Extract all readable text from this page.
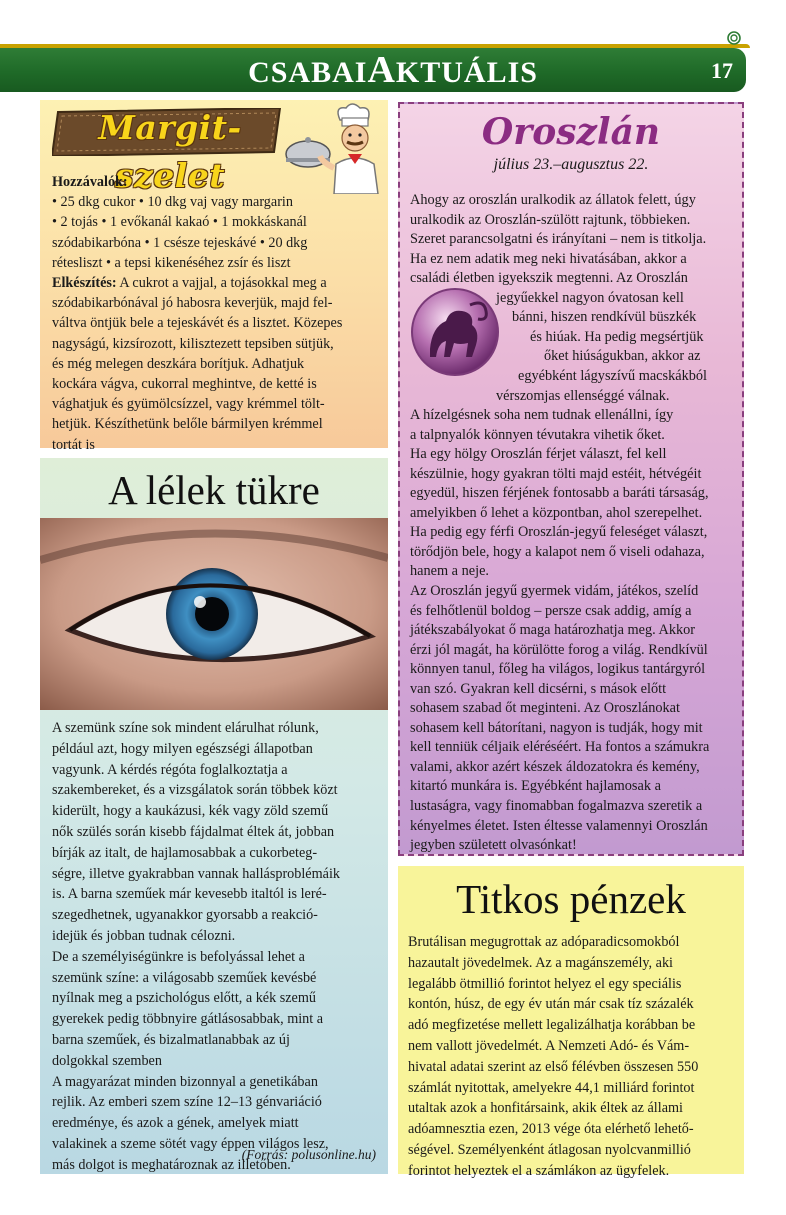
CSABAIAKTUÁLIS	17
Margit-szelet
Hozzávalók:
• 25 dkg cukor • 10 dkg vaj vagy margarin
• 2 tojás • 1 evőkanál kakaó • 1 mokkáskanál
szódabikarbóna • 1 csésze tejeskávé • 20 dkg
rétesliszt • a tepsi kikenéséhez zsír és liszt
Elkészítés: A cukrot a vajjal, a tojásokkal meg a
szódabikarbónával jó habosra keverjük, majd fel-
váltva öntjük bele a tejeskávét és a lisztet. Közepes
nagyságú, kizsírozott, kilisztezett tepsiben sütjük,
és még melegen deszkára borítjuk. Adhatjuk
kockára vágva, cukorral meghintve, de ketté is
vághatjuk és gyümölcsízzel, vagy krémmel tölt-
hetjük. Készíthetünk belőle bármilyen krémmel
tortát is
A lélek tükre
A szemünk színe sok mindent elárulhat rólunk,
például azt, hogy milyen egészségi állapotban
vagyunk. A kérdés régóta foglalkoztatja a
szakembereket, és a vizsgálatok során többek közt
kiderült, hogy a kaukázusi, kék vagy zöld szemű
nők szülés során kisebb fájdalmat éltek át, jobban
bírják az italt, de hajlamosabbak a cukorbeteg-
ségre, illetve gyakrabban vannak hallásproblémáik
is. A barna szeműek már kevesebb italtól is leré-
szegedhetnek, ugyanakkor gyorsabb a reakció-
idejük és jobban tudnak célozni.
De a személyiségünkre is befolyással lehet a
szemünk színe: a világosabb szeműek kevésbé
nyílnak meg a pszichológus előtt, a kék szemű
gyerekek pedig többnyire gátlásosabbak, mint a
barna szeműek, és bizalmatlanabbak az új
dolgokkal szemben
A magyarázat minden bizonnyal a genetikában
rejlik. Az emberi szem színe 12–13 génvariáció
eredménye, és azok a gének, amelyek miatt
valakinek a szeme sötét vagy éppen világos lesz,
más dolgot is meghatároznak az illetőben.
(Forrás: polusonline.hu)
Oroszlán
július 23.–augusztus 22.
Ahogy az oroszlán uralkodik az állatok felett, úgy
uralkodik az Oroszlán-szülött rajtunk, többieken.
Szeret parancsolgatni és irányítani – nem is titkolja.
Ha ez nem adatik meg neki hivatásában, akkor a
családi életben igyekszik megtenni. Az Oroszlán
jegyűekkel nagyon óvatosan kell
bánni, hiszen rendkívül büszkék
és hiúak. Ha pedig megsértjük
őket hiúságukban, akkor az
egyébként lágyszívű macskákból
vérszomjas ellenséggé válnak.
A hízelgésnek soha nem tudnak ellenállni, így
a talpnyalók könnyen tévutakra vihetik őket.
Ha egy hölgy Oroszlán férjet választ, fel kell
készülnie, hogy gyakran tölti majd estéit, hétvégéit
egyedül, hiszen férjének fontosabb a baráti társaság,
amelyikben ő lehet a központban, ahol szerepelhet.
Ha pedig egy férfi Oroszlán-jegyű feleséget választ,
törődjön bele, hogy a kalapot nem ő viseli odahaza,
hanem a neje.
Az Oroszlán jegyű gyermek vidám, játékos, szelíd
és felhőtlenül boldog – persze csak addig, amíg a
játékszabályokat ő maga határozhatja meg. Akkor
érzi jól magát, ha körülötte forog a világ. Rendkívül
könnyen tanul, főleg ha világos, logikus tantárgyról
van szó. Gyakran kell dicsérni, s mások előtt
sohasem szabad őt meginteni. Az Oroszlánokat
sohasem kell bátorítani, nagyon is tudják, hogy mit
kell tenniük céljaik eléréséért. Ha fontos a számukra
valami, akkor azért készek áldozatokra és kemény,
kitartó munkára is. Egyébként hajlamosak a
Titkos pénzek
Brutálisan megugrottak az adóparadicsomokból
hazautalt jövedelmek. Az a magánszemély, aki
legalább ötmillió forintot helyez el egy speciális
kontón, húsz, de egy év után már csak tíz százalék
adó megfizetése mellett legalizálhatja korábban be
nem vallott jövedelmét. A Nemzeti Adó- és Vám-
hivatal adatai szerint az első félévben összesen 550
számlát nyitottak, amelyekre 44,1 milliárd forintot
utaltak azok a honfitársaink, akik éltek az állami
adóamnesztia ezen, 2013 vége óta elérhető lehető-
ségével. Személyenként átlagosan nyolcvanmillió
forintot helyeztek el a számlákon az ügyfelek.
lustaságra, vagy finomabban fogalmazva szeretik a
kényelmes életet. Isten éltesse valamennyi Oroszlán
jegyben született olvasónkat!
